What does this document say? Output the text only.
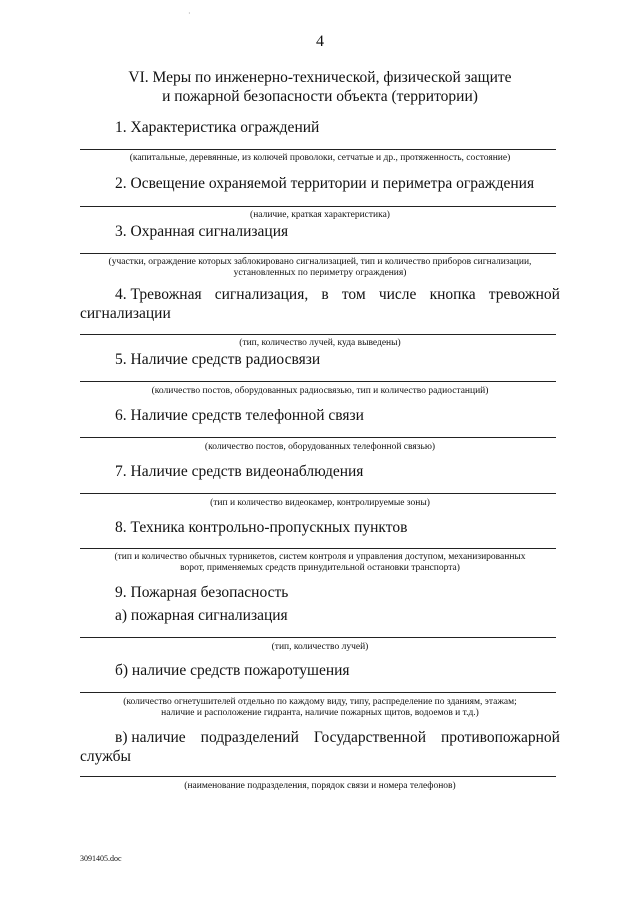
·
4
VI. Меры по инженерно-технической, физической защите
и пожарной безопасности объекта (территории)
1. Характеристика ограждений
(капитальные, деревянные, из колючей проволоки, сетчатые и др., протяженность, состояние)
2. Освещение охраняемой территории и периметра ограждения
(наличие, краткая характеристика)
3. Охранная сигнализация
(участки, ограждение которых заблокировано сигнализацией, тип и количество приборов сигнализации,
установленных по периметру ограждения)
4. Тревожная сигнализация, в том числе кнопка тревожной
сигнализации
(тип, количество лучей, куда выведены)
5. Наличие средств радиосвязи
(количество постов, оборудованных радиосвязью, тип и количество радиостанций)
6. Наличие средств телефонной связи
(количество постов, оборудованных телефонной связью)
7. Наличие средств видеонаблюдения
(тип и количество видеокамер, контролируемые зоны)
8. Техника контрольно-пропускных пунктов
(тип и количество обычных турникетов, систем контроля и управления доступом, механизированных
ворот, применяемых средств принудительной остановки транспорта)
9. Пожарная безопасность
а) пожарная сигнализация
(тип, количество лучей)
б) наличие средств пожаротушения
(количество огнетушителей отдельно по каждому виду, типу, распределение по зданиям, этажам;
наличие и расположение гидранта, наличие пожарных щитов, водоемов и т.д.)
в) наличие подразделений Государственной противопожарной
службы
(наименование подразделения, порядок связи и номера телефонов)
3091405.doc
